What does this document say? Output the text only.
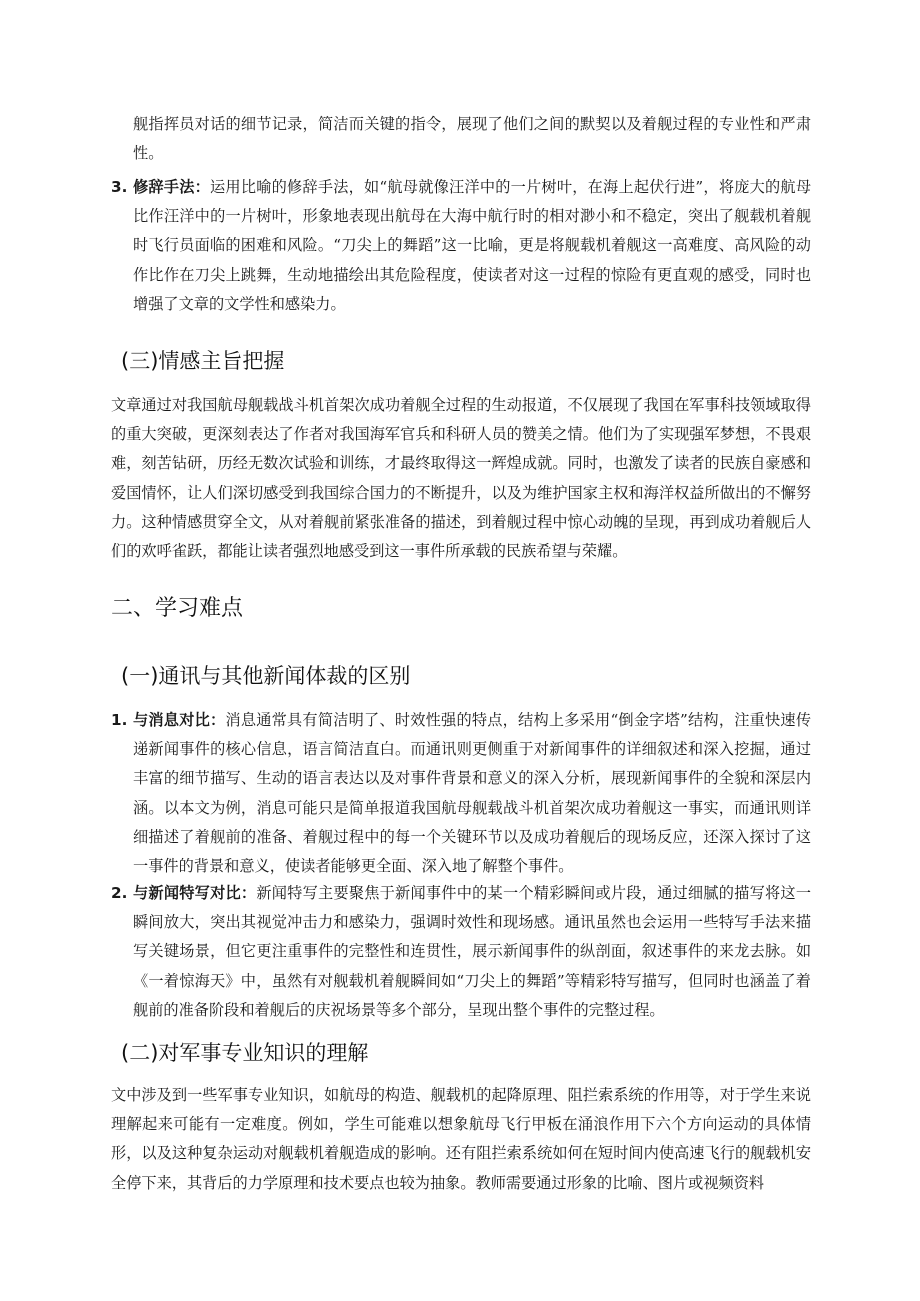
舰指挥员对话的细节记录，简洁而关键的指令，展现了他们之间的默契以及着舰过程的专业性和严肃性。
3. 修辞手法：运用比喻的修辞手法，如“航母就像汪洋中的一片树叶，在海上起伏行进”，将庞大的航母比作汪洋中的一片树叶，形象地表现出航母在大海中航行时的相对渺小和不稳定，突出了舰载机着舰时飞行员面临的困难和风险。“刀尖上的舞蹈”这一比喻，更是将舰载机着舰这一高难度、高风险的动作比作在刀尖上跳舞，生动地描绘出其危险程度，使读者对这一过程的惊险有更直观的感受，同时也增强了文章的文学性和感染力。
(三)情感主旨把握
文章通过对我国航母舰载战斗机首架次成功着舰全过程的生动报道，不仅展现了我国在军事科技领域取得的重大突破，更深刻表达了作者对我国海军官兵和科研人员的赞美之情。他们为了实现强军梦想，不畏艰难，刻苦钻研，历经无数次试验和训练，才最终取得这一辉煌成就。同时，也激发了读者的民族自豪感和爱国情怀，让人们深切感受到我国综合国力的不断提升，以及为维护国家主权和海洋权益所做出的不懈努力。这种情感贯穿全文，从对着舰前紧张准备的描述，到着舰过程中惊心动魄的呈现，再到成功着舰后人们的欢呼雀跃，都能让读者强烈地感受到这一事件所承载的民族希望与荣耀。
二、学习难点
(一)通讯与其他新闻体裁的区别
1. 与消息对比：消息通常具有简洁明了、时效性强的特点，结构上多采用“倒金字塔”结构，注重快速传递新闻事件的核心信息，语言简洁直白。而通讯则更侧重于对新闻事件的详细叙述和深入挖掘，通过丰富的细节描写、生动的语言表达以及对事件背景和意义的深入分析，展现新闻事件的全貌和深层内涵。以本文为例，消息可能只是简单报道我国航母舰载战斗机首架次成功着舰这一事实，而通讯则详细描述了着舰前的准备、着舰过程中的每一个关键环节以及成功着舰后的现场反应，还深入探讨了这一事件的背景和意义，使读者能够更全面、深入地了解整个事件。
2. 与新闻特写对比：新闻特写主要聚焦于新闻事件中的某一个精彩瞬间或片段，通过细腻的描写将这一瞬间放大，突出其视觉冲击力和感染力，强调时效性和现场感。通讯虽然也会运用一些特写手法来描写关键场景，但它更注重事件的完整性和连贯性，展示新闻事件的纵剖面，叙述事件的来龙去脉。如《一着惊海天》中，虽然有对舰载机着舰瞬间如“刀尖上的舞蹈”等精彩特写描写，但同时也涵盖了着舰前的准备阶段和着舰后的庆祝场景等多个部分，呈现出整个事件的完整过程。
(二)对军事专业知识的理解
文中涉及到一些军事专业知识，如航母的构造、舰载机的起降原理、阻拦索系统的作用等，对于学生来说理解起来可能有一定难度。例如，学生可能难以想象航母飞行甲板在涌浪作用下六个方向运动的具体情形，以及这种复杂运动对舰载机着舰造成的影响。还有阻拦索系统如何在短时间内使高速飞行的舰载机安全停下来，其背后的力学原理和技术要点也较为抽象。教师需要通过形象的比喻、图片或视频资料
